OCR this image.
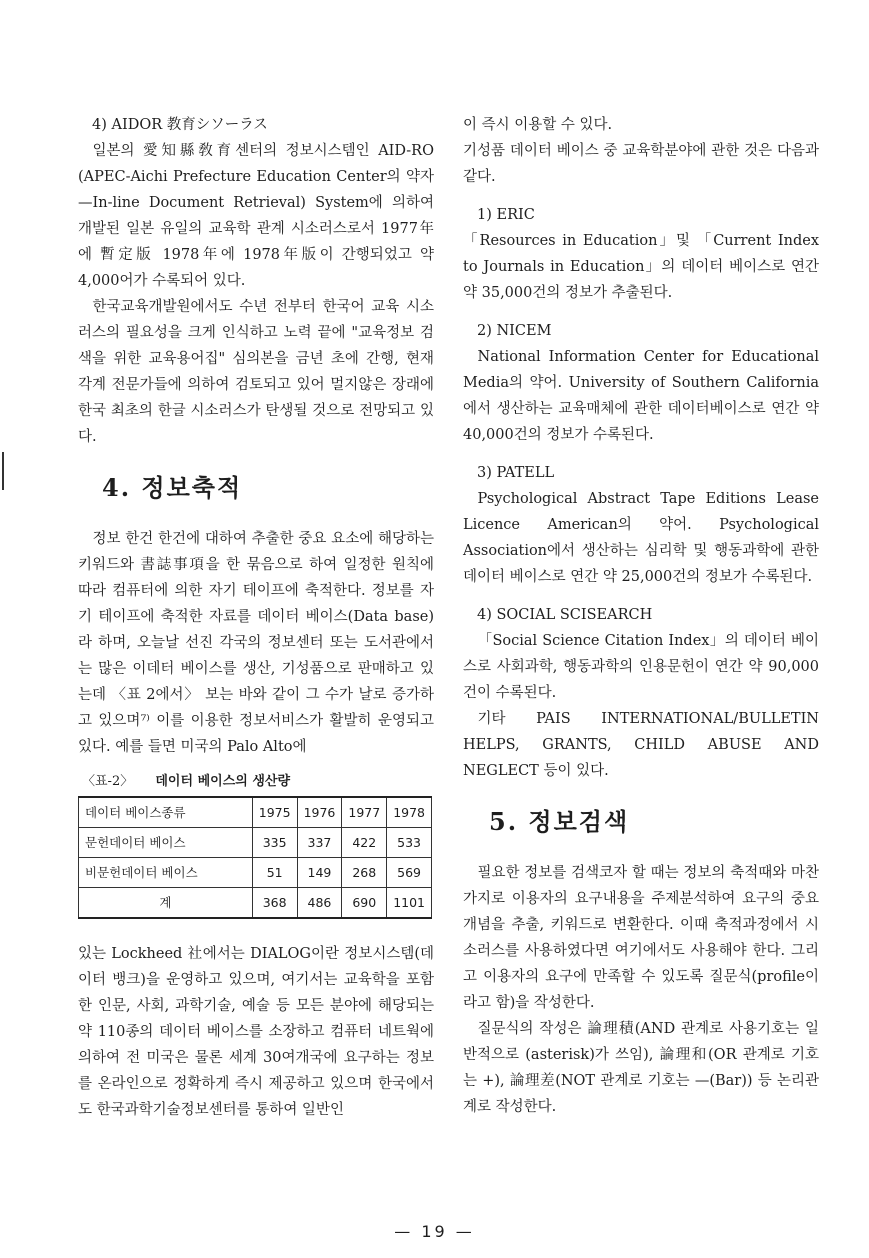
4) AIDOR 教育シソーラス

일본의 愛知縣敎育센터의 정보시스템인 AID-RO (APEC-Aichi Prefecture Education Center의 약자—In-line Document Retrieval) System에 의하여 개발된 일본 유일의 교육학 관계 시소러스로서 1977年에 暫定版 1978年에 1978年版이 간행되었고 약 4,000어가 수록되어 있다.

한국교육개발원에서도 수년 전부터 한국어 교육 시소러스의 필요성을 크게 인식하고 노력 끝에 "교육정보 검색을 위한 교육용어집" 심의본을 금년 초에 간행, 현재 각계 전문가들에 의하여 검토되고 있어 멀지않은 장래에 한국 최초의 한글 시소러스가 탄생될 것으로 전망되고 있다.

4. 정보축적

정보 한건 한건에 대하여 추출한 중요 요소에 해당하는 키워드와 書誌事項을 한 묶음으로 하여 일정한 원칙에 따라 컴퓨터에 의한 자기 테이프에 축적한다. 정보를 자기 테이프에 축적한 자료를 데이터 베이스(Data base)라 하며, 오늘날 선진 각국의 정보센터 또는 도서관에서는 많은 이데터 베이스를 생산, 기성품으로 판매하고 있는데 〈표 2에서〉 보는 바와 같이 그 수가 날로 증가하고 있으며⁷⁾ 이를 이용한 정보서비스가 활발히 운영되고 있다. 예를 들면 미국의 Palo Alto에

〈표-2〉 데이터 베이스의 생산량
데이터 베이스종류	1975	1976	1977	1978
문헌데이터 베이스	335	337	422	533
비문헌데이터 베이스	51	149	268	569
계	368	486	690	1101

있는 Lockheed 社에서는 DIALOG이란 정보시스템(데이터 뱅크)을 운영하고 있으며, 여기서는 교육학을 포함한 인문, 사회, 과학기술, 예술 등 모든 분야에 해당되는 약 110종의 데이터 베이스를 소장하고 컴퓨터 네트웍에 의하여 전 미국은 물론 세계 30여개국에 요구하는 정보를 온라인으로 정확하게 즉시 제공하고 있으며 한국에서도 한국과학기술정보센터를 통하여 일반인

이 즉시 이용할 수 있다.

기성품 데이터 베이스 중 교육학분야에 관한 것은 다음과 같다.

1) ERIC

「Resources in Education」및 「Current Index to Journals in Education」의 데이터 베이스로 연간 약 35,000건의 정보가 추출된다.

2) NICEM

National Information Center for Educational Media의 약어. University of Southern California에서 생산하는 교육매체에 관한 데이터베이스로 연간 약 40,000건의 정보가 수록된다.

3) PATELL

Psychological Abstract Tape Editions Lease Licence American의 약어. Psychological Association에서 생산하는 심리학 및 행동과학에 관한 데이터 베이스로 연간 약 25,000건의 정보가 수록된다.

4) SOCIAL SCISEARCH

「Social Science Citation Index」의 데이터 베이스로 사회과학, 행동과학의 인용문헌이 연간 약 90,000건이 수록된다.

기타 PAIS INTERNATIONAL/BULLETIN HELPS, GRANTS, CHILD ABUSE AND NEGLECT 등이 있다.

5. 정보검색

필요한 정보를 검색코자 할 때는 정보의 축적때와 마찬가지로 이용자의 요구내용을 주제분석하여 요구의 중요개념을 추출, 키워드로 변환한다. 이때 축적과정에서 시소러스를 사용하였다면 여기에서도 사용해야 한다. 그리고 이용자의 요구에 만족할 수 있도록 질문식(profile이라고 함)을 작성한다.

질문식의 작성은 論理積(AND 관계로 사용기호는 일반적으로 (asterisk)가 쓰임), 論理和(OR 관계로 기호는 +), 論理差(NOT 관계로 기호는 —(Bar)) 등 논리관계로 작성한다.

— 19 —
